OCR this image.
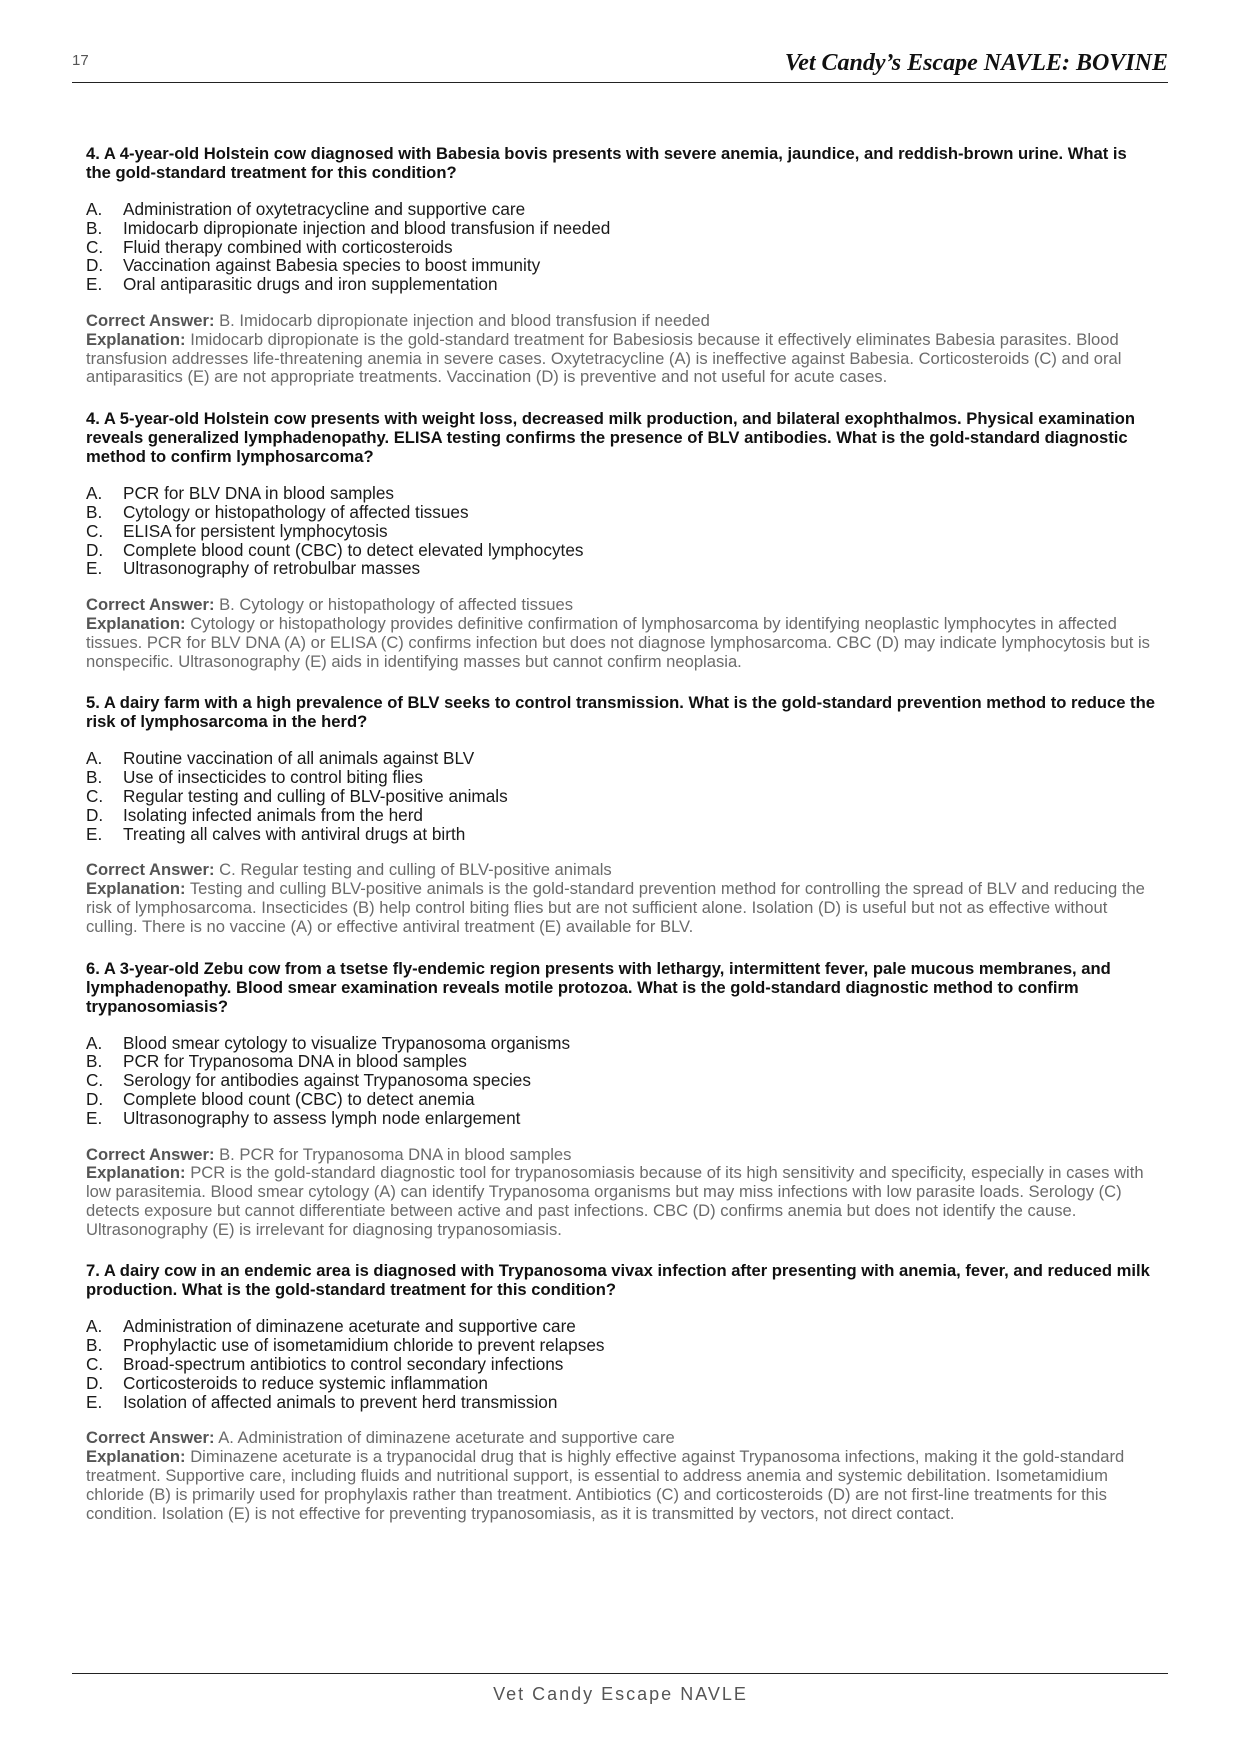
17	Vet Candy’s Escape NAVLE: BOVINE

4. A 4-year-old Holstein cow diagnosed with Babesia bovis presents with severe anemia, jaundice, and reddish-brown urine. What is the gold-standard treatment for this condition?

A.	Administration of oxytetracycline and supportive care
B.	Imidocarb dipropionate injection and blood transfusion if needed
C.	Fluid therapy combined with corticosteroids
D.	Vaccination against Babesia species to boost immunity
E.	Oral antiparasitic drugs and iron supplementation
Correct Answer: B. Imidocarb dipropionate injection and blood transfusion if needed
Explanation: Imidocarb dipropionate is the gold-standard treatment for Babesiosis because it effectively eliminates Babesia parasites. Blood transfusion addresses life-threatening anemia in severe cases. Oxytetracycline (A) is ineffective against Babesia. Corticosteroids (C) and oral antiparasitics (E) are not appropriate treatments. Vaccination (D) is preventive and not useful for acute cases.

4. A 5-year-old Holstein cow presents with weight loss, decreased milk production, and bilateral exophthalmos. Physical examination reveals generalized lymphadenopathy. ELISA testing confirms the presence of BLV antibodies. What is the gold-standard diagnostic method to confirm lymphosarcoma?

A.	PCR for BLV DNA in blood samples
B.	Cytology or histopathology of affected tissues
C.	ELISA for persistent lymphocytosis
D.	Complete blood count (CBC) to detect elevated lymphocytes
E.	Ultrasonography of retrobulbar masses
Correct Answer: B. Cytology or histopathology of affected tissues
Explanation: Cytology or histopathology provides definitive confirmation of lymphosarcoma by identifying neoplastic lymphocytes in affected tissues. PCR for BLV DNA (A) or ELISA (C) confirms infection but does not diagnose lymphosarcoma. CBC (D) may indicate lymphocytosis but is nonspecific. Ultrasonography (E) aids in identifying masses but cannot confirm neoplasia.

5. A dairy farm with a high prevalence of BLV seeks to control transmission. What is the gold-standard prevention method to reduce the risk of lymphosarcoma in the herd?

A.	Routine vaccination of all animals against BLV
B.	Use of insecticides to control biting flies
C.	Regular testing and culling of BLV-positive animals
D.	Isolating infected animals from the herd
E.	Treating all calves with antiviral drugs at birth
Correct Answer: C. Regular testing and culling of BLV-positive animals
Explanation: Testing and culling BLV-positive animals is the gold-standard prevention method for controlling the spread of BLV and reducing the risk of lymphosarcoma. Insecticides (B) help control biting flies but are not sufficient alone. Isolation (D) is useful but not as effective without culling. There is no vaccine (A) or effective antiviral treatment (E) available for BLV.

6. A 3-year-old Zebu cow from a tsetse fly-endemic region presents with lethargy, intermittent fever, pale mucous membranes, and lymphadenopathy. Blood smear examination reveals motile protozoa. What is the gold-standard diagnostic method to confirm trypanosomiasis?

A.	Blood smear cytology to visualize Trypanosoma organisms
B.	PCR for Trypanosoma DNA in blood samples
C.	Serology for antibodies against Trypanosoma species
D.	Complete blood count (CBC) to detect anemia
E.	Ultrasonography to assess lymph node enlargement
Correct Answer: B. PCR for Trypanosoma DNA in blood samples
Explanation: PCR is the gold-standard diagnostic tool for trypanosomiasis because of its high sensitivity and specificity, especially in cases with low parasitemia. Blood smear cytology (A) can identify Trypanosoma organisms but may miss infections with low parasite loads. Serology (C) detects exposure but cannot differentiate between active and past infections. CBC (D) confirms anemia but does not identify the cause. Ultrasonography (E) is irrelevant for diagnosing trypanosomiasis.

7. A dairy cow in an endemic area is diagnosed with Trypanosoma vivax infection after presenting with anemia, fever, and reduced milk production. What is the gold-standard treatment for this condition?

A.	Administration of diminazene aceturate and supportive care
B.	Prophylactic use of isometamidium chloride to prevent relapses
C.	Broad-spectrum antibiotics to control secondary infections
D.	Corticosteroids to reduce systemic inflammation
E.	Isolation of affected animals to prevent herd transmission
Correct Answer: A. Administration of diminazene aceturate and supportive care
Explanation: Diminazene aceturate is a trypanocidal drug that is highly effective against Trypanosoma infections, making it the gold-standard treatment. Supportive care, including fluids and nutritional support, is essential to address anemia and systemic debilitation. Isometamidium chloride (B) is primarily used for prophylaxis rather than treatment. Antibiotics (C) and corticosteroids (D) are not first-line treatments for this condition. Isolation (E) is not effective for preventing trypanosomiasis, as it is transmitted by vectors, not direct contact.
Vet Candy Escape NAVLE
